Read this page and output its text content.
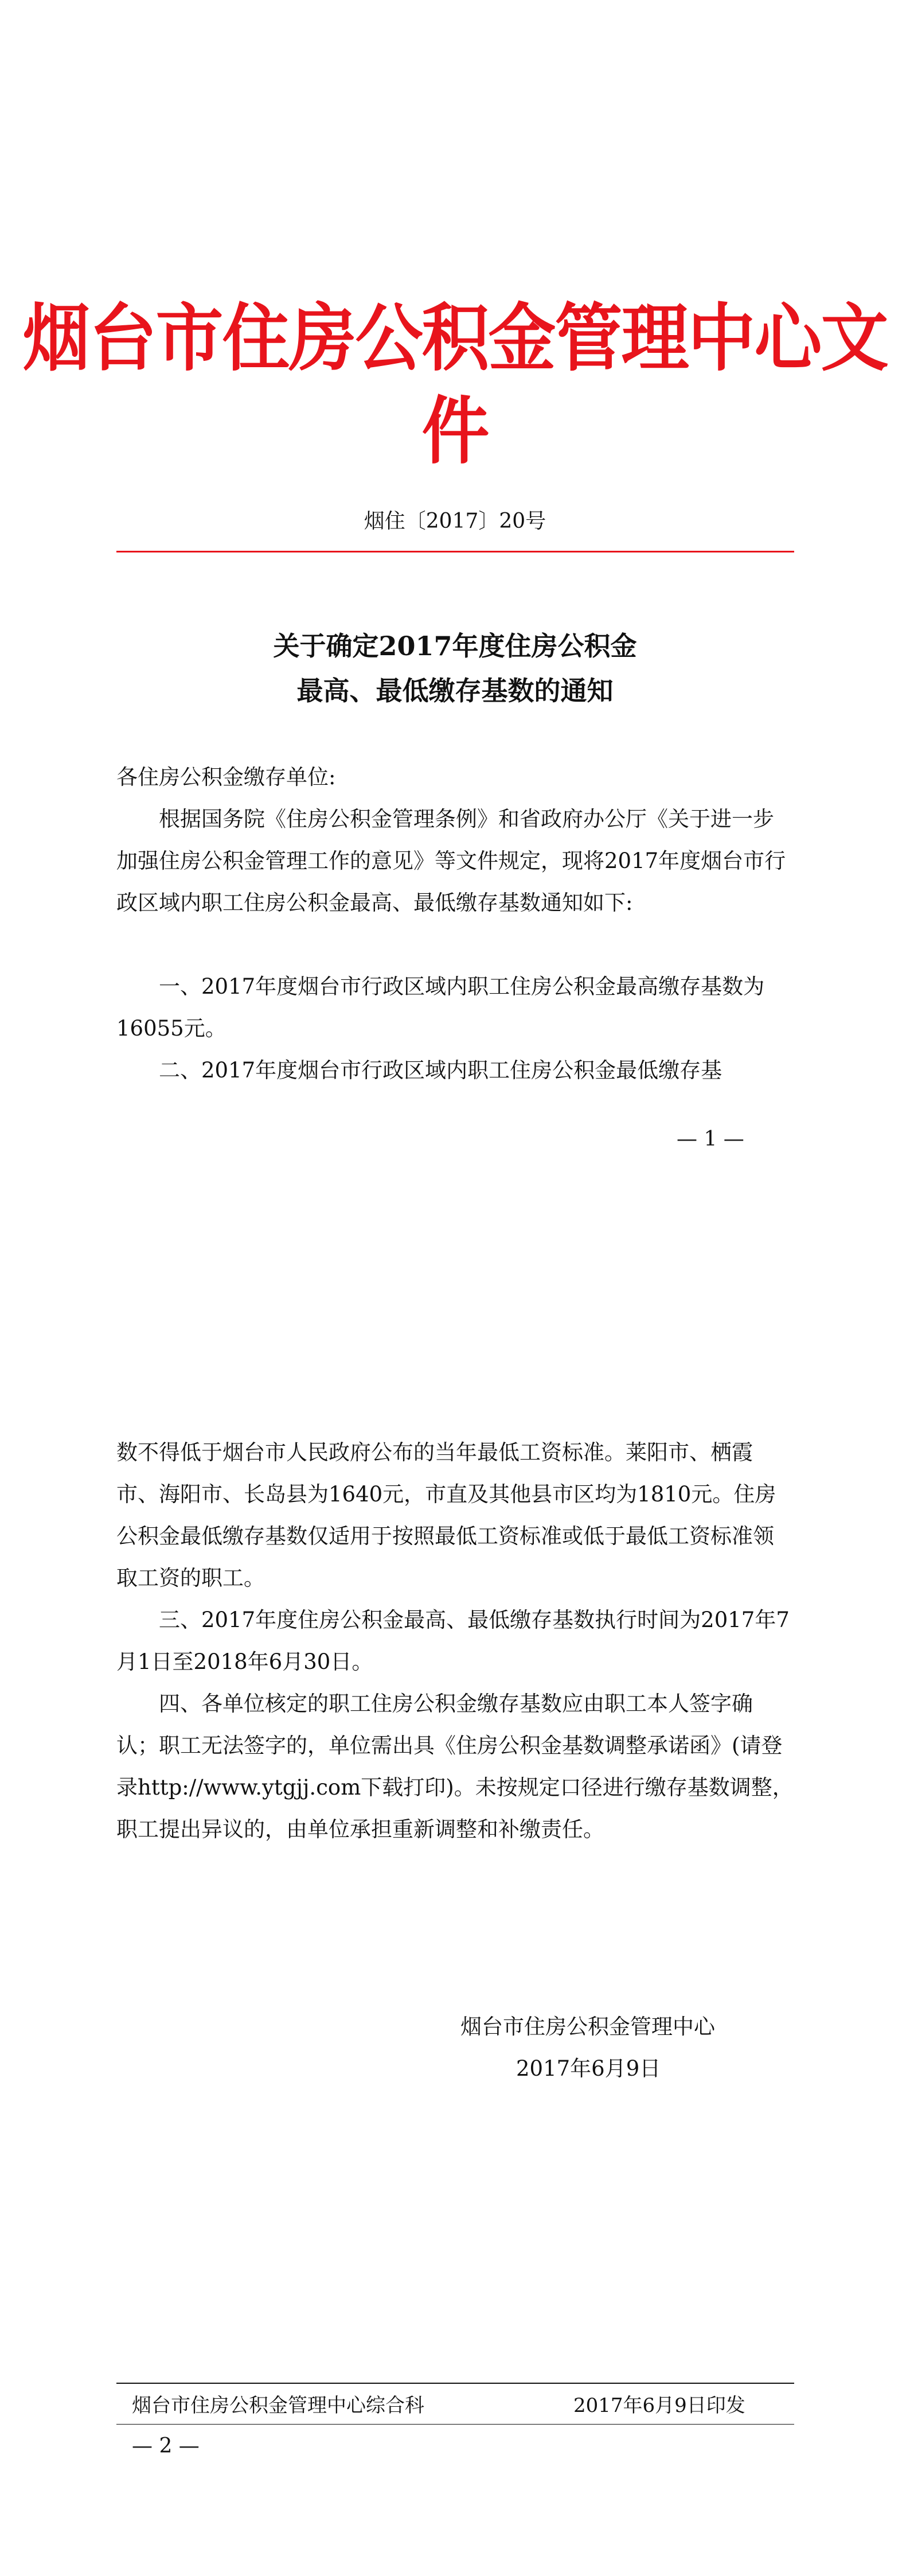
烟台市住房公积金管理中心文件
烟住〔2017〕20号
关于确定2017年度住房公积金
最高、最低缴存基数的通知
各住房公积金缴存单位:
根据国务院《住房公积金管理条例》和省政府办公厅《关于进一步加强住房公积金管理工作的意见》等文件规定，现将2017年度烟台市行政区域内职工住房公积金最高、最低缴存基数通知如下:
一、2017年度烟台市行政区域内职工住房公积金最高缴存基数为16055元。
二、2017年度烟台市行政区域内职工住房公积金最低缴存基
— 1 —
数不得低于烟台市人民政府公布的当年最低工资标准。莱阳市、栖霞市、海阳市、长岛县为1640元，市直及其他县市区均为1810元。住房公积金最低缴存基数仅适用于按照最低工资标准或低于最低工资标准领取工资的职工。
三、2017年度住房公积金最高、最低缴存基数执行时间为2017年7月1日至2018年6月30日。
四、各单位核定的职工住房公积金缴存基数应由职工本人签字确认；职工无法签字的，单位需出具《住房公积金基数调整承诺函》(请登录http://www.ytgjj.com下载打印)。未按规定口径进行缴存基数调整，职工提出异议的，由单位承担重新调整和补缴责任。
烟台市住房公积金管理中心
2017年6月9日
烟台市住房公积金管理中心综合科	2017年6月9日印发
— 2 —
